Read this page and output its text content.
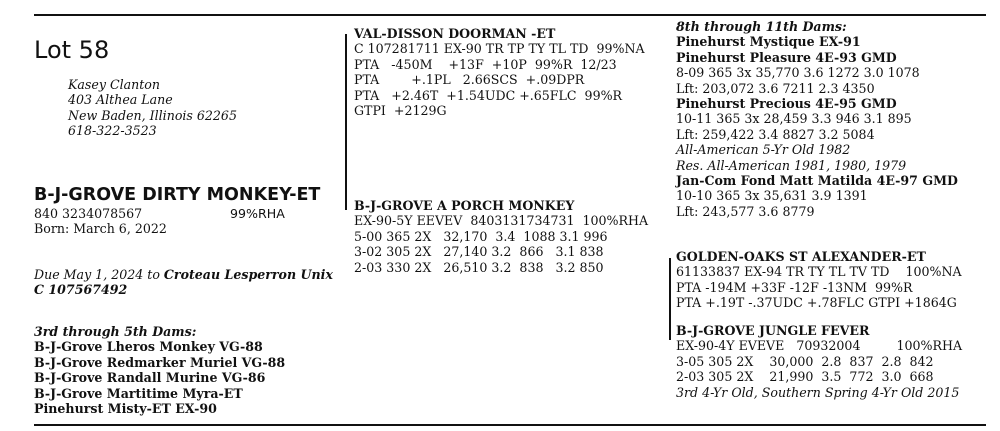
Lot 58
Kasey Clanton
403 Althea Lane
New Baden, Illinois 62265
618-322-3523
B-J-GROVE DIRTY MONKEY-ET
840 3234078567	99%RHA
Born: March 6, 2022
Due May 1, 2024 to Croteau Lesperron Unix
C 107567492
3rd through 5th Dams:
B-J-Grove Lheros Monkey VG-88
B-J-Grove Redmarker Muriel VG-88
B-J-Grove Randall Murine VG-86
B-J-Grove Martitime Myra-ET
Pinehurst Misty-ET EX-90
VAL-DISSON DOORMAN -ET
C 107281711 EX-90 TR TP TY TL TD  99%NA
PTA   -450M    +13F  +10P  99%R  12/23
PTA        +.1PL   2.66SCS  +.09DPR
PTA   +2.46T  +1.54UDC +.65FLC  99%R
GTPI  +2129G
B-J-GROVE A PORCH MONKEY
EX-90-5Y EEVEV  8403131734731  100%RHA
5-00 365 2X   32,170  3.4  1088 3.1 996
3-02 305 2X   27,140 3.2  866   3.1 838
2-03 330 2X   26,510 3.2  838   3.2 850
8th through 11th Dams:
Pinehurst Mystique EX-91
Pinehurst Pleasure 4E-93 GMD
8-09 365 3x 35,770 3.6 1272 3.0 1078
Lft: 203,072 3.6 7211 2.3 4350
Pinehurst Precious 4E-95 GMD
10-11 365 3x 28,459 3.3 946 3.1 895
Lft: 259,422 3.4 8827 3.2 5084
All-American 5-Yr Old 1982
Res. All-American 1981, 1980, 1979
Jan-Com Fond Matt Matilda 4E-97 GMD
10-10 365 3x 35,631 3.9 1391
Lft: 243,577 3.6 8779
GOLDEN-OAKS ST ALEXANDER-ET
61133837 EX-94 TR TY TL TV TD    100%NA
PTA -194M +33F -12F -13NM  99%R
PTA +.19T -.37UDC +.78FLC GTPI +1864G
B-J-GROVE JUNGLE FEVER
EX-90-4Y EVEVE   70932004         100%RHA
3-05 305 2X    30,000  2.8  837  2.8  842
2-03 305 2X    21,990  3.5  772  3.0  668
3rd 4-Yr Old, Southern Spring 4-Yr Old 2015
